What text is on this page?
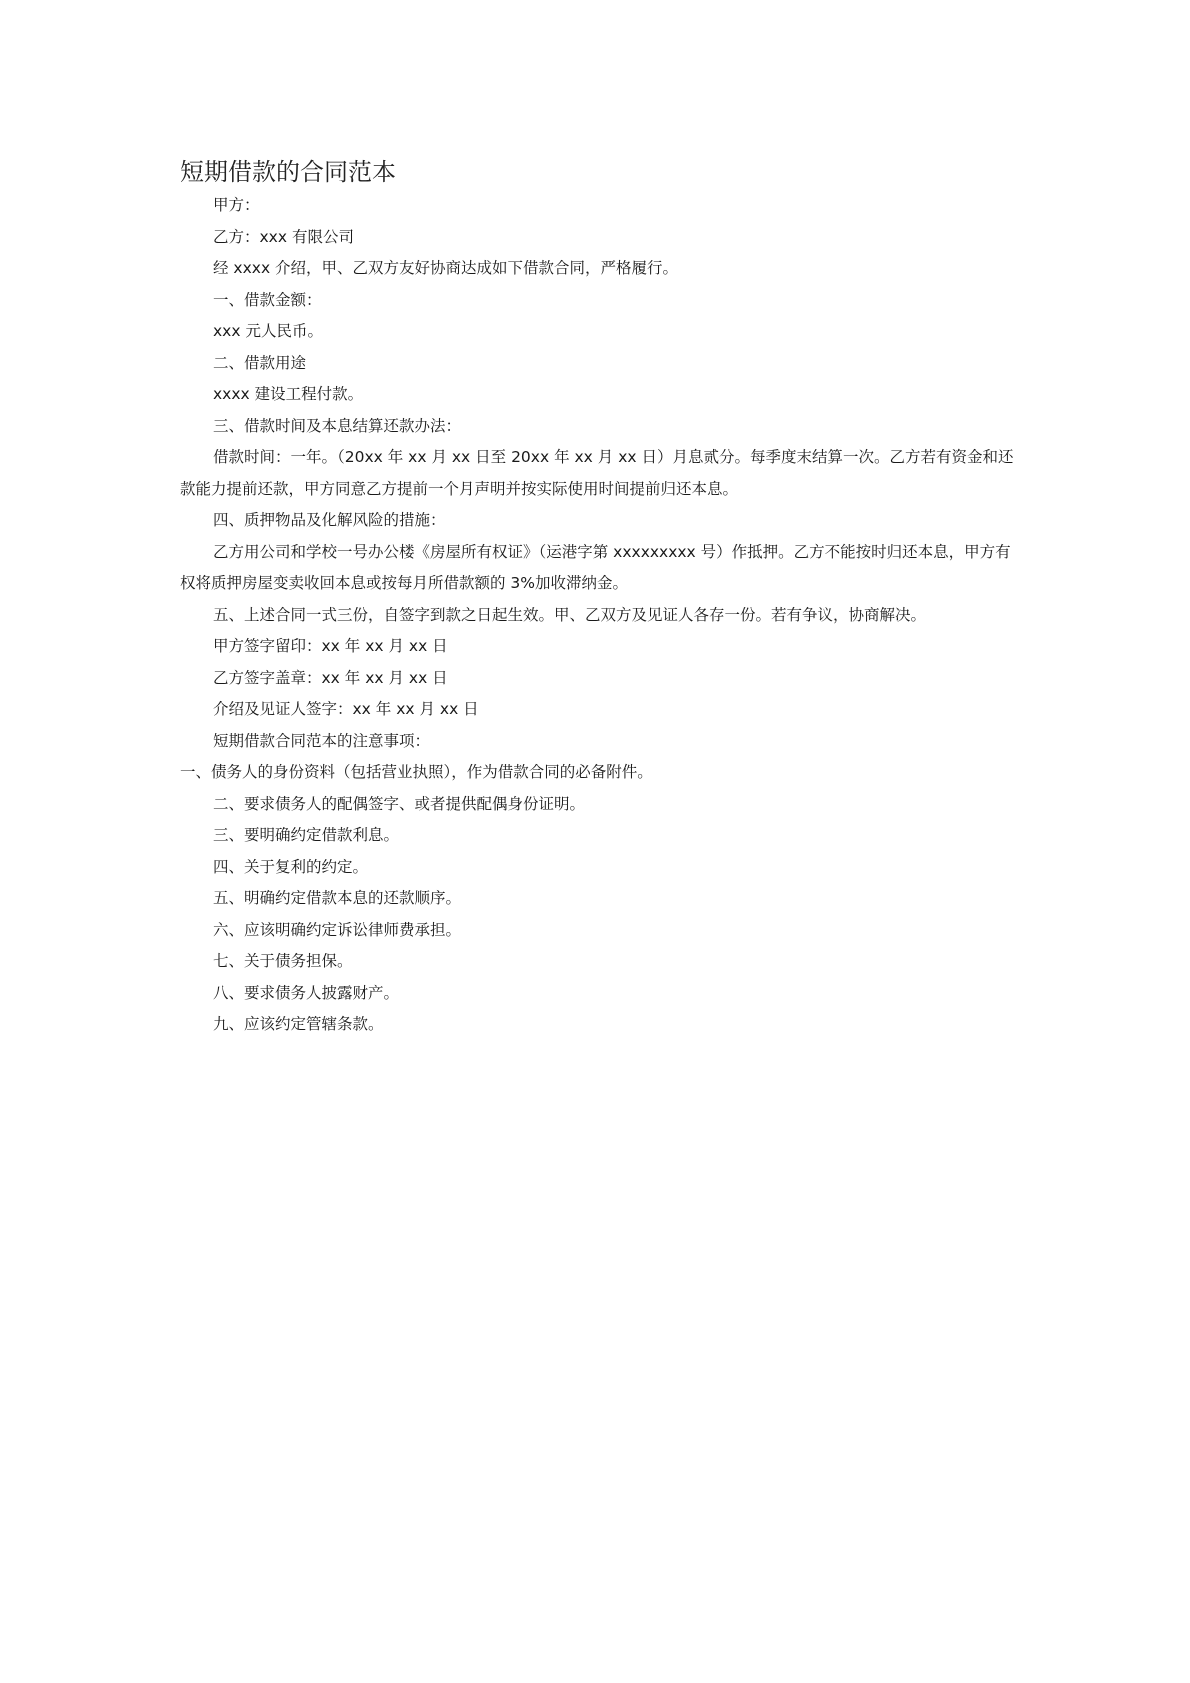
短期借款的合同范本

甲方：

乙方：xxx 有限公司

经 xxxx 介绍，甲、乙双方友好协商达成如下借款合同，严格履行。

一、借款金额：

xxx 元人民币。

二、借款用途

xxxx 建设工程付款。

三、借款时间及本息结算还款办法：

借款时间：一年。（20xx 年 xx 月 xx 日至 20xx 年 xx 月 xx 日）月息贰分。每季度末结算一次。乙方若有资金和还款能力提前还款，甲方同意乙方提前一个月声明并按实际使用时间提前归还本息。

四、质押物品及化解风险的措施：

乙方用公司和学校一号办公楼《房屋所有权证》（运港字第 xxxxxxxxx 号）作抵押。乙方不能按时归还本息，甲方有权将质押房屋变卖收回本息或按每月所借款额的 3%加收滞纳金。

五、上述合同一式三份，自签字到款之日起生效。甲、乙双方及见证人各存一份。若有争议，协商解决。

甲方签字留印：xx 年 xx 月 xx 日

乙方签字盖章：xx 年 xx 月 xx 日

介绍及见证人签字：xx 年 xx 月 xx 日

短期借款合同范本的注意事项：

一、债务人的身份资料（包括营业执照），作为借款合同的必备附件。

二、要求债务人的配偶签字、或者提供配偶身份证明。

三、要明确约定借款利息。

四、关于复利的约定。

五、明确约定借款本息的还款顺序。

六、应该明确约定诉讼律师费承担。

七、关于债务担保。

八、要求债务人披露财产。

九、应该约定管辖条款。
